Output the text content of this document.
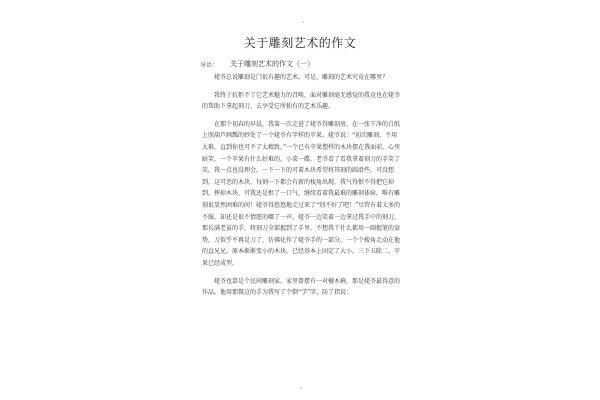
、
关于雕刻艺术的作文
导语： 关于雕刻艺术的作文（一）

姥爷总说雕刻是门很有趣的艺术。可是，雕刻的艺术究竟在哪里？

我终于抗拒不了它艺术魅力的召唤，面对雕刻毫无感觉的我竟也在姥爷的帮助下拿起刻刀，去享受它所独有的艺术乐趣。

在那个初春的早晨，我第一次走进了姥爷得雕刻房，在一张干净的白纸上照葫芦画瓢的妙处了一个姥爷有字样的苹果。姥爷说：“初次雕刻，不用太难，直到你也可不了太精致。”一个已有苹果塑样的木块摆在我面前，心里暗笑，一个苹果有什么好难的，小菜一碟。老爷看了看我拿着刻刀的手笑了笑。我一点也没理会，一下一下的可着木块希望将其刻的圆滑些，可没想到，这可恶的木块，每刻一下都会有新的棱角出现，我气得恨不得把它掉到，摔掉木块，可我还是恨了一口气，继续看着我最难的雕刻体验，唯有雕刻很显然困难的问！姥爷得悠悠地走过来了“别不好了吧！”尽管有着太多的不服，却还是很不情愿的嘟了一声。姥爷一边笑着一边拿过我手中的刻刀，那长满老茧的手，将刻刀全部握到了手里。不想我干什么都用一副握笔的姿势，刀似乎不再是刀了，仿佛化作了姥爷手的一部分，一个个棱角走动在他的直兄兄，原本渐渐变小的木块，已经基本上固定了大小，三下五除二，苹果已经成型。

姥爷也算是个民间雕刻家，家里曾摆有一对檀木椅，那是姥爷最得意的作品。他用那微这的手为我写了个倒“学”字，防了指说：

、
